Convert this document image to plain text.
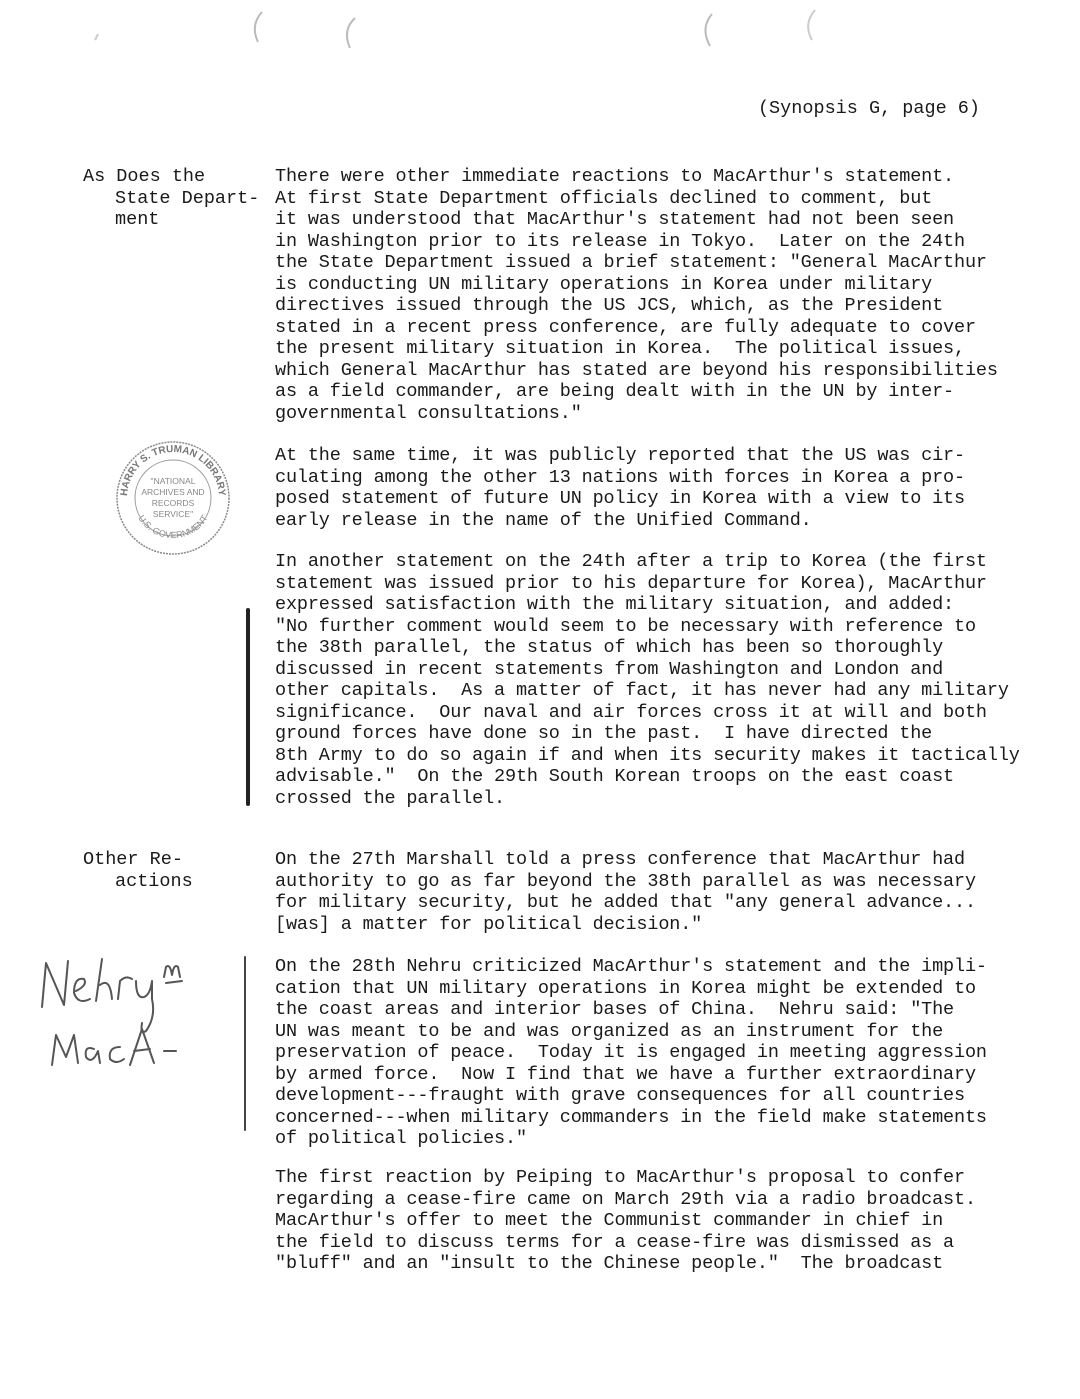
(Synopsis G, page 6)
As Does the
State Depart-
ment
There were other immediate reactions to MacArthur's statement.
At first State Department officials declined to comment, but
it was understood that MacArthur's statement had not been seen
in Washington prior to its release in Tokyo.  Later on the 24th
the State Department issued a brief statement: "General MacArthur
is conducting UN military operations in Korea under military
directives issued through the US JCS, which, as the President
stated in a recent press conference, are fully adequate to cover
the present military situation in Korea.  The political issues,
which General MacArthur has stated are beyond his responsibilities
as a field commander, are being dealt with in the UN by inter-
governmental consultations."
HARRY S. TRUMAN LIBRARY
U.S. GOVERNMENT
"NATIONAL
ARCHIVES AND
RECORDS
SERVICE"
At the same time, it was publicly reported that the US was cir-
culating among the other 13 nations with forces in Korea a pro-
posed statement of future UN policy in Korea with a view to its
early release in the name of the Unified Command.
In another statement on the 24th after a trip to Korea (the first
statement was issued prior to his departure for Korea), MacArthur
expressed satisfaction with the military situation, and added:
"No further comment would seem to be necessary with reference to
the 38th parallel, the status of which has been so thoroughly
discussed in recent statements from Washington and London and
other capitals.  As a matter of fact, it has never had any military
significance.  Our naval and air forces cross it at will and both
ground forces have done so in the past.  I have directed the
8th Army to do so again if and when its security makes it tactically
advisable."  On the 29th South Korean troops on the east coast
crossed the parallel.
Other Re-
actions
On the 27th Marshall told a press conference that MacArthur had
authority to go as far beyond the 38th parallel as was necessary
for military security, but he added that "any general advance...
[was] a matter for political decision."
On the 28th Nehru criticized MacArthur's statement and the impli-
cation that UN military operations in Korea might be extended to
the coast areas and interior bases of China.  Nehru said: "The
UN was meant to be and was organized as an instrument for the
preservation of peace.  Today it is engaged in meeting aggression
by armed force.  Now I find that we have a further extraordinary
development---fraught with grave consequences for all countries
concerned---when military commanders in the field make statements
of political policies."
The first reaction by Peiping to MacArthur's proposal to confer
regarding a cease-fire came on March 29th via a radio broadcast.
MacArthur's offer to meet the Communist commander in chief in
the field to discuss terms for a cease-fire was dismissed as a
"bluff" and an "insult to the Chinese people."  The broadcast
